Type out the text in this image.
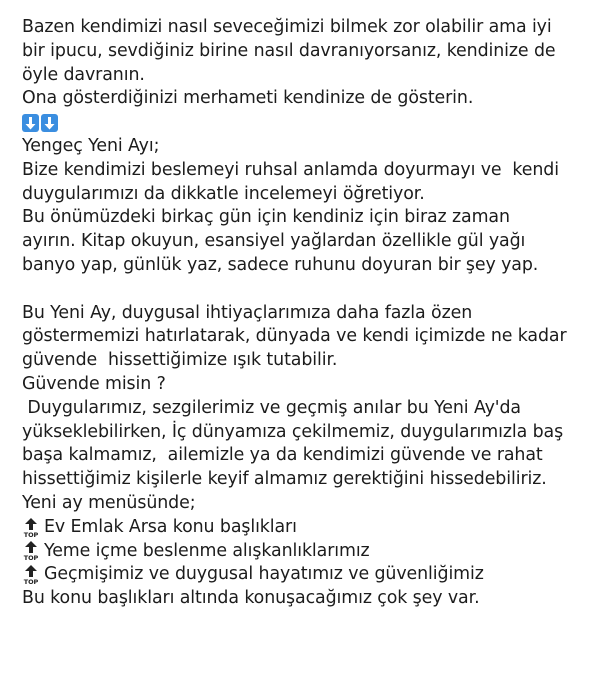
Bazen kendimizi nasıl seveceğimizi bilmek zor olabilir ama iyi
bir ipucu, sevdiğiniz birine nasıl davranıyorsanız, kendinize de
öyle davranın.
Ona gösterdiğinizi merhameti kendinize de gösterin.
Yengeç Yeni Ayı;
Bize kendimizi beslemeyi ruhsal anlamda doyurmayı ve  kendi
duygularımızı da dikkatle incelemeyi öğretiyor.
Bu önümüzdeki birkaç gün için kendiniz için biraz zaman
ayırın. Kitap okuyun, esansiyel yağlardan özellikle gül yağı
banyo yap, günlük yaz, sadece ruhunu doyuran bir şey yap.
Bu Yeni Ay, duygusal ihtiyaçlarımıza daha fazla özen
göstermemizi hatırlatarak, dünyada ve kendi içimizde ne kadar
güvende  hissettiğimize ışık tutabilir.
Güvende misin ?
Duygularımız, sezgilerimiz ve geçmiş anılar bu Yeni Ay'da
yükseklebilirken, İç dünyamıza çekilmemiz, duygularımızla baş
başa kalmamız,  ailemizle ya da kendimizi güvende ve rahat
hissettiğimiz kişilerle keyif almamız gerektiğini hissedebiliriz.
Yeni ay menüsünde;
TOP Ev Emlak Arsa konu başlıkları
TOP Yeme içme beslenme alışkanlıklarımız
TOP Geçmişimiz ve duygusal hayatımız ve güvenliğimiz
Bu konu başlıkları altında konuşacağımız çok şey var.
